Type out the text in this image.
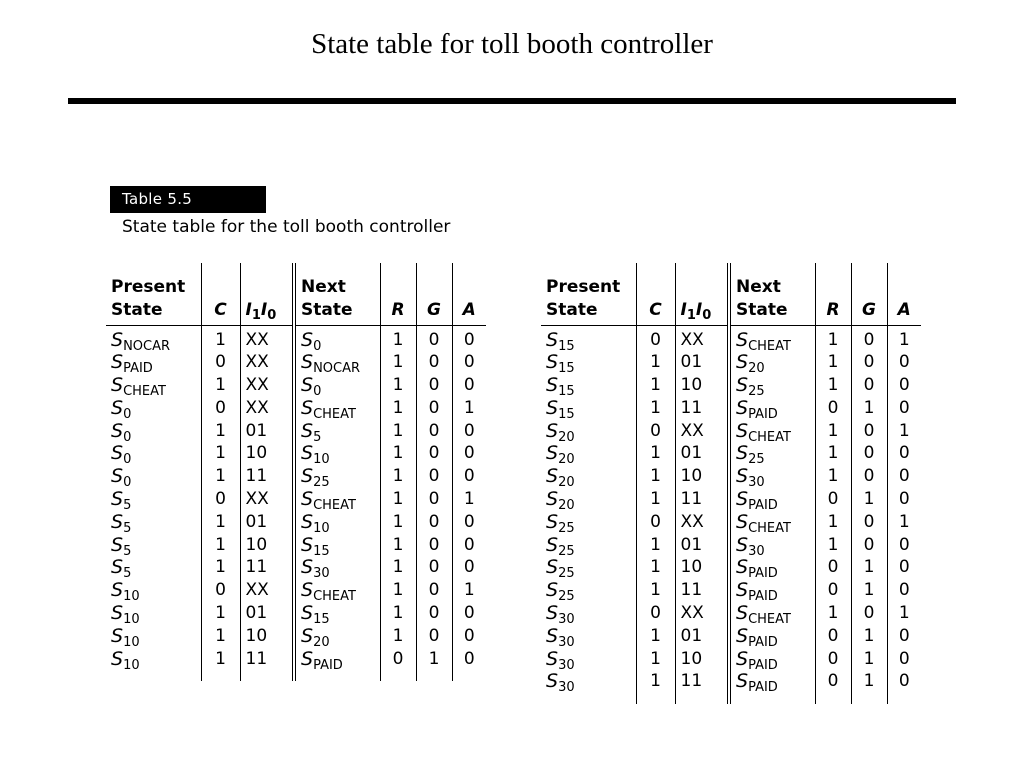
State table for toll booth controller
Table 5.5
State table for the toll booth controller
Present
State	C	$I_1I_0$	Next
State	R	G	A
$S_{NOCAR}$	1	XX	$S_0$	1	0	0
$S_{PAID}$	0	XX	$S_{NOCAR}$	1	0	0
$S_{CHEAT}$	1	XX	$S_0$	1	0	0
$S_0$	0	XX	$S_{CHEAT}$	1	0	1
$S_0$	1	01	$S_5$	1	0	0
$S_0$	1	10	$S_{10}$	1	0	0
$S_0$	1	11	$S_{25}$	1	0	0
$S_5$	0	XX	$S_{CHEAT}$	1	0	1
$S_5$	1	01	$S_{10}$	1	0	0
$S_5$	1	10	$S_{15}$	1	0	0
$S_5$	1	11	$S_{30}$	1	0	0
$S_{10}$	0	XX	$S_{CHEAT}$	1	0	1
$S_{10}$	1	01	$S_{15}$	1	0	0
$S_{10}$	1	10	$S_{20}$	1	0	0
$S_{10}$	1	11	$S_{PAID}$	0	1	0
Present
State	C	$I_1I_0$	Next
State	R	G	A
$S_{15}$	0	XX	$S_{CHEAT}$	1	0	1
$S_{15}$	1	01	$S_{20}$	1	0	0
$S_{15}$	1	10	$S_{25}$	1	0	0
$S_{15}$	1	11	$S_{PAID}$	0	1	0
$S_{20}$	0	XX	$S_{CHEAT}$	1	0	1
$S_{20}$	1	01	$S_{25}$	1	0	0
$S_{20}$	1	10	$S_{30}$	1	0	0
$S_{20}$	1	11	$S_{PAID}$	0	1	0
$S_{25}$	0	XX	$S_{CHEAT}$	1	0	1
$S_{25}$	1	01	$S_{30}$	1	0	0
$S_{25}$	1	10	$S_{PAID}$	0	1	0
$S_{25}$	1	11	$S_{PAID}$	0	1	0
$S_{30}$	0	XX	$S_{CHEAT}$	1	0	1
$S_{30}$	1	01	$S_{PAID}$	0	1	0
$S_{30}$	1	10	$S_{PAID}$	0	1	0
$S_{30}$	1	11	$S_{PAID}$	0	1	0
